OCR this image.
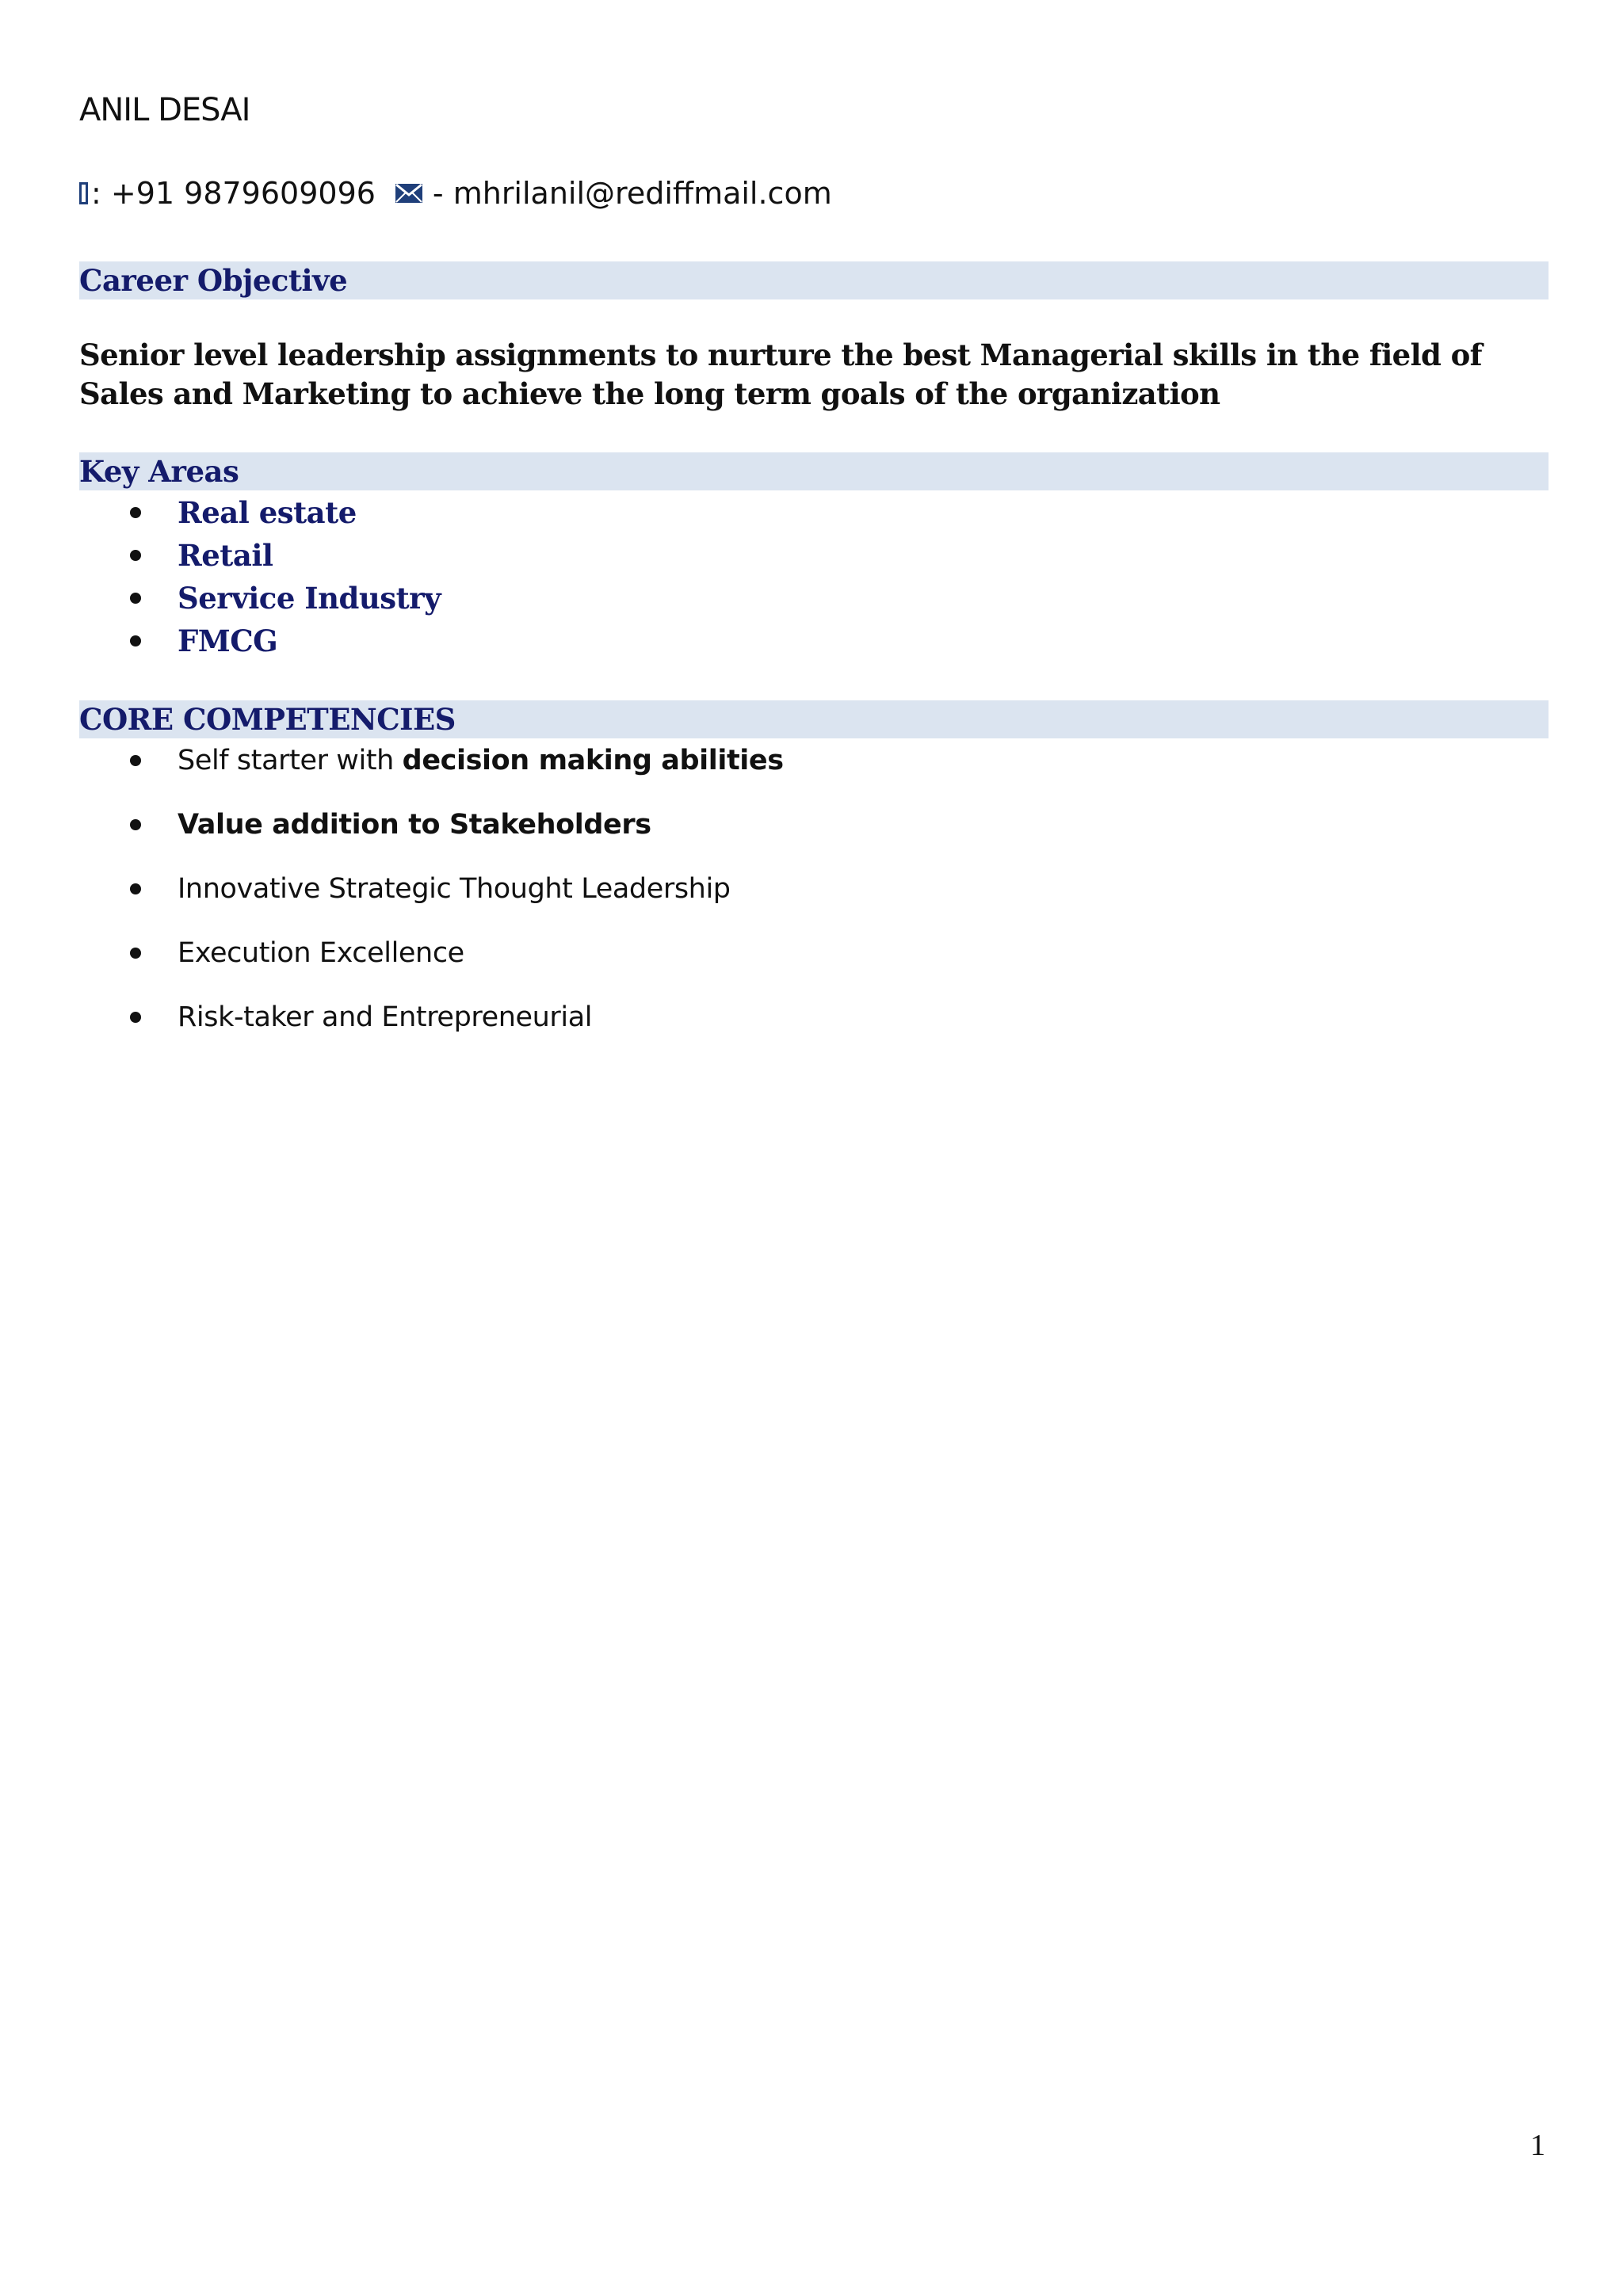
ANIL DESAI
: +91 9879609096 - mhrilanil@rediffmail.com
Career Objective

Senior level leadership assignments to nurture the best Managerial skills in the field of Sales and Marketing to achieve the long term goals of the organization

Key Areas
Real estate
Retail
Service Industry
FMCG
CORE COMPETENCIES
Self starter with decision making abilities
Value addition to Stakeholders
Innovative Strategic Thought Leadership
Execution Excellence
Risk-taker and Entrepreneurial
1
